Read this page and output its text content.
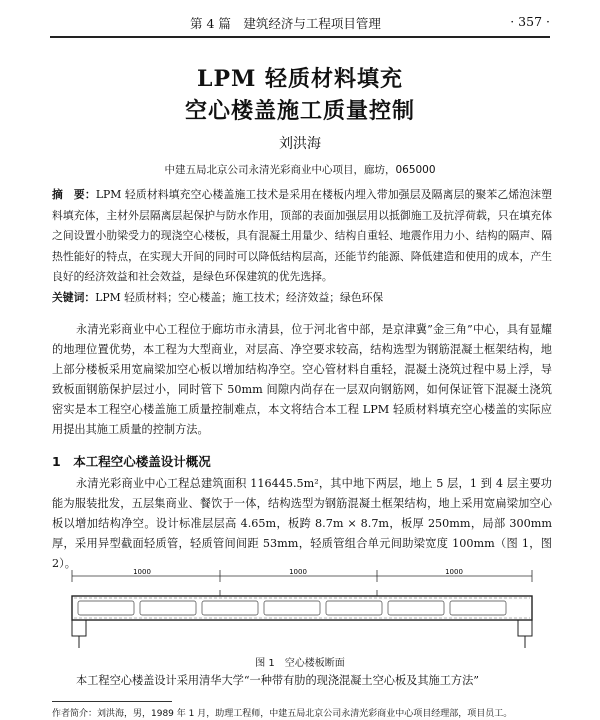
第 4 篇　建筑经济与工程项目管理	· 357 ·
LPM 轻质材料填充
空心楼盖施工质量控制
刘洪海
中建五局北京公司永清光彩商业中心项目，廊坊，065000
摘　要：LPM 轻质材料填充空心楼盖施工技术是采用在楼板内埋入带加强层及隔离层的聚苯乙烯泡沫塑料填充体，主材外层隔离层起保护与防水作用，顶部的表面加强层用以抵御施工及抗浮荷载，只在填充体之间设置小肋梁受力的现浇空心楼板，具有混凝土用量少、结构自重轻、地震作用力小、结构的隔声、隔热性能好的特点，在实现大开间的同时可以降低结构层高，还能节约能源、降低建造和使用的成本，产生良好的经济效益和社会效益，是绿色环保建筑的优先选择。
关键词：LPM 轻质材料；空心楼盖；施工技术；经济效益；绿色环保
永清光彩商业中心工程位于廊坊市永清县，位于河北省中部，是京津冀”金三角”中心，具有显耀的地理位置优势，本工程为大型商业，对层高、净空要求较高，结构选型为钢筋混凝土框架结构，地上部分楼板采用宽扁梁加空心板以增加结构净空。空心管材料自重轻，混凝土浇筑过程中易上浮，导致板面钢筋保护层过小，同时管下 50mm 间隙内尚存在一层双向钢筋网，如何保证管下混凝土浇筑密实是本工程空心楼盖施工质量控制难点，本文将结合本工程 LPM 轻质材料填充空心楼盖的实际应用提出其施工质量的控制方法。
1　本工程空心楼盖设计概况
永清光彩商业中心工程总建筑面积 116445.5m²，其中地下两层，地上 5 层，1 到 4 层主要功能为服装批发，五层集商业、餐饮于一体，结构选型为钢筋混凝土框架结构，地上采用宽扁梁加空心板以增加结构净空。设计标准层层高 4.65m，板跨 8.7m × 8.7m，板厚 250mm，局部 300mm 厚，采用异型截面轻质管，轻质管间间距 53mm，轻质管组合单元间助梁宽度 100mm（图 1，图 2）。
1000	1000	1000
图 1　空心楼板断面
本工程空心楼盖设计采用清华大学“一种带有肋的现浇混凝土空心板及其施工方法”
作者简介：刘洪海，男，1989 年 1 月，助理工程师，中建五局北京公司永清光彩商业中心项目经理部，项目员工。
